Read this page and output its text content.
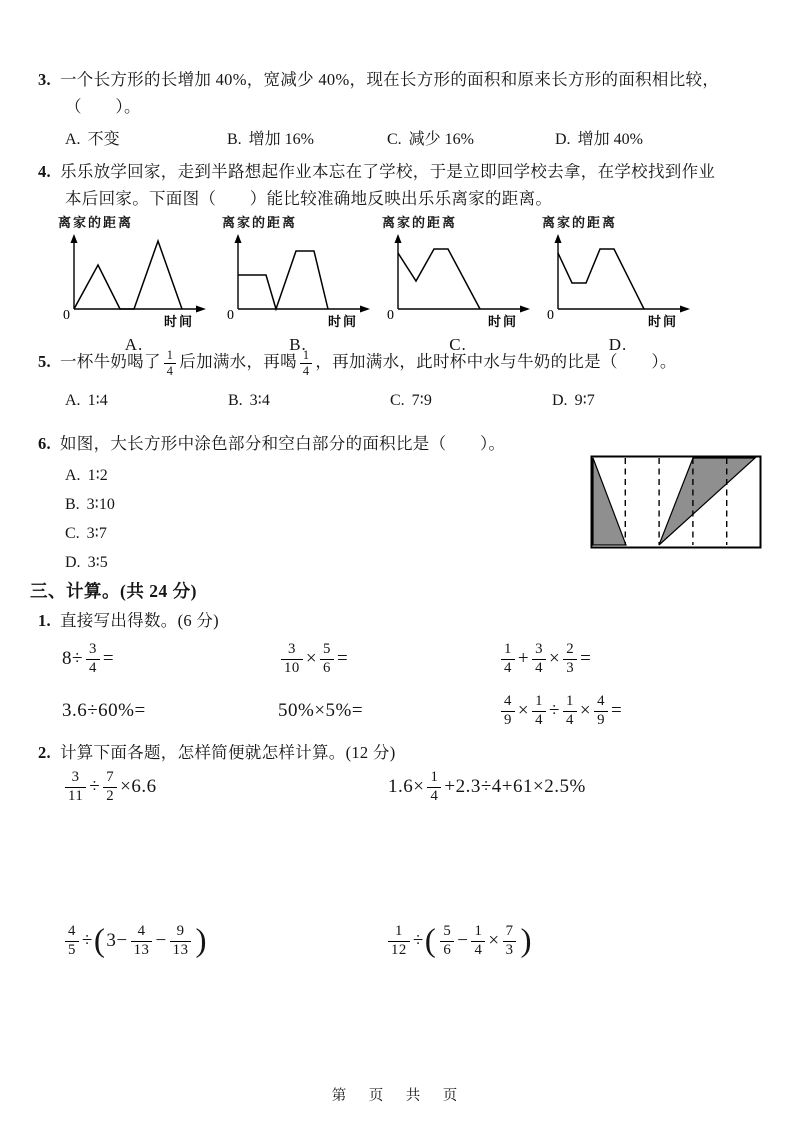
3. 一个长方形的长增加 40%，宽减少 40%，现在长方形的面积和原来长方形的面积相比较，
（　　）。
A. 不变	B. 增加 16%	C. 减少 16%	D. 增加 40%
4. 乐乐放学回家，走到半路想起作业本忘在了学校，于是立即回学校去拿，在学校找到作业
本后回家。下面图（　　）能比较准确地反映出乐乐离家的距离。
离家的距离
0	时间
A.
离家的距离
0	时间
B.
离家的距离
0	时间
C.
离家的距离
0	时间
D.
5. 一杯牛奶喝了 $\frac{1}{4}$ 后加满水，再喝 $\frac{1}{4}$ ，再加满水，此时杯中水与牛奶的比是（　　）。
A. 1∶4	B. 3∶4	C. 7∶9	D. 9∶7
6. 如图，大长方形中涂色部分和空白部分的面积比是（　　）。
A. 1∶2
B. 3∶10
C. 3∶7
D. 3∶5
三、计算。(共 24 分)
1. 直接写出得数。(6 分)
$8\div \frac{3}{4}$ =	$\frac{3}{10} \times \frac{5}{6}$ =	$\frac{1}{4} + \frac{3}{4} \times \frac{2}{3}$ =
3.6÷60%=	50%×5%=	$\frac{4}{9} \times \frac{1}{4} \div \frac{1}{4} \times \frac{4}{9}$ =
2. 计算下面各题，怎样简便就怎样计算。(12 分)
$\frac{3}{11} \div \frac{7}{2} \times 6.6$	$1.6\times \frac{1}{4} +2.3\div 4+61\times 2.5\%$
$\frac{4}{5}$ ÷ ( $3- \frac{4}{13} - \frac{9}{13}$ )	$\frac{1}{12}$ ÷ ( $\frac{5}{6} - \frac{1}{4} \times \frac{7}{3}$ )
第　页　共　页
